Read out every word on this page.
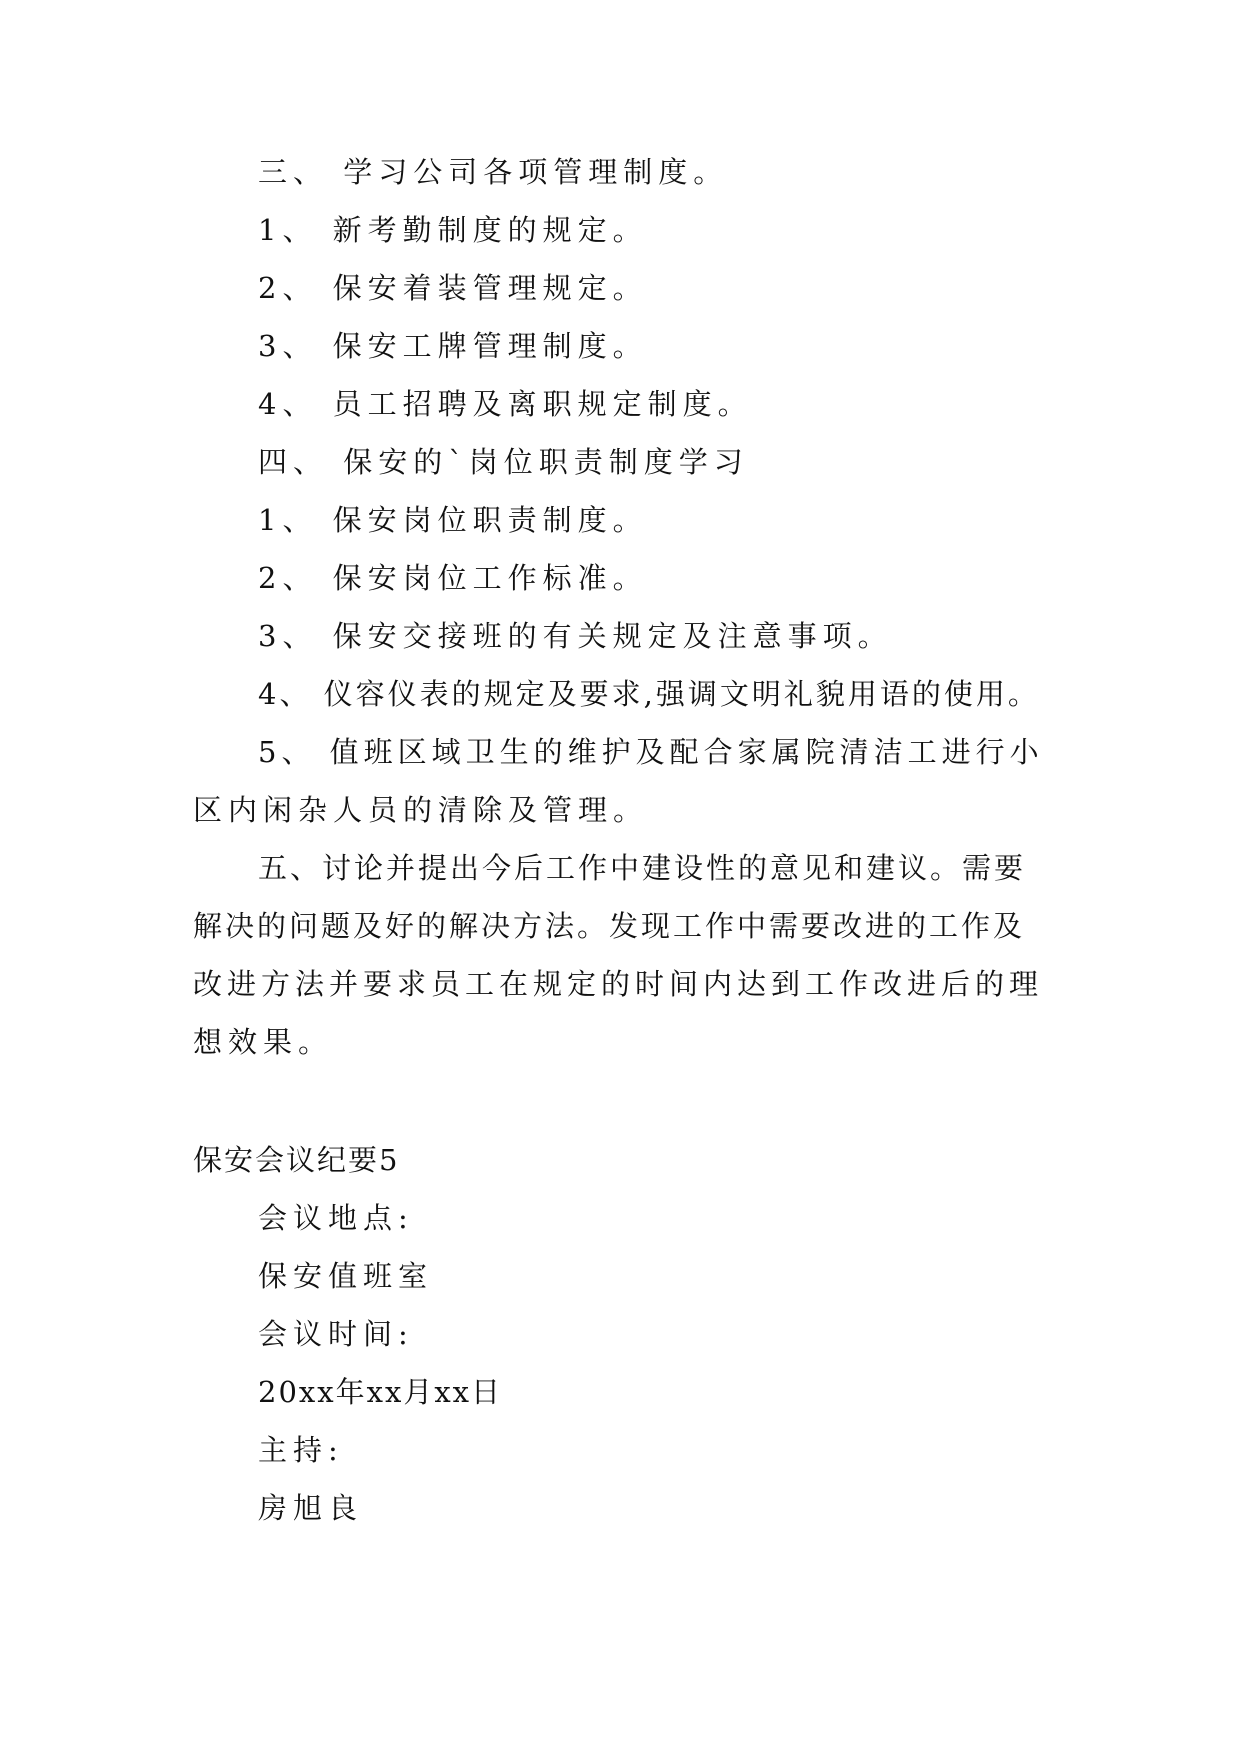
三、 学习公司各项管理制度。
1、 新考勤制度的规定。
2、 保安着装管理规定。
3、 保安工牌管理制度。
4、 员工招聘及离职规定制度。
四、 保安的`岗位职责制度学习
1、 保安岗位职责制度。
2、 保安岗位工作标准。
3、 保安交接班的有关规定及注意事项。
4、 仪容仪表的规定及要求,强调文明礼貌用语的使用。
5、 值班区域卫生的维护及配合家属院清洁工进行小
区内闲杂人员的清除及管理。
五、讨论并提出今后工作中建设性的意见和建议。需要
解决的问题及好的解决方法。发现工作中需要改进的工作及
改进方法并要求员工在规定的时间内达到工作改进后的理
想效果。
保安会议纪要5
会议地点:
保安值班室
会议时间:
20xx年xx月xx日
主持:
房旭良
